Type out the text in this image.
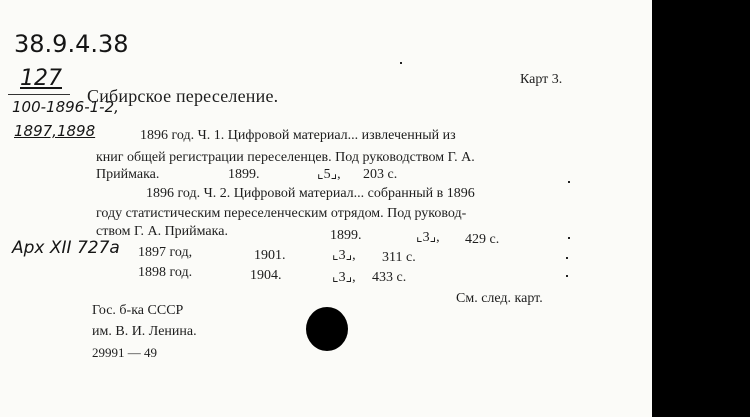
38.9.4.38
127
100-1896-1-2,
1897,1898
Арх XII 727а
Карт 3.
Сибирское переселение.
1896 год. Ч. 1. Цифровой материал... извлеченный из
книг общей регистрации переселенцев. Под руководством Г. А.
Приймака.	1899.	⌞5⌟, 203 с.
1896 год. Ч. 2. Цифровой материал... собранный в 1896
году статистическим переселенческим отрядом. Под руковод-
ством Г. А. Приймака.	1899.	⌞3⌟, 429 с.
1897 год,	1901.	⌞3⌟, 311 с.
1898 год.	1904.	⌞3⌟, 433 с.
См. след. карт.
Гос. б-ка СССР
им. В. И. Ленина.
29991 — 49
